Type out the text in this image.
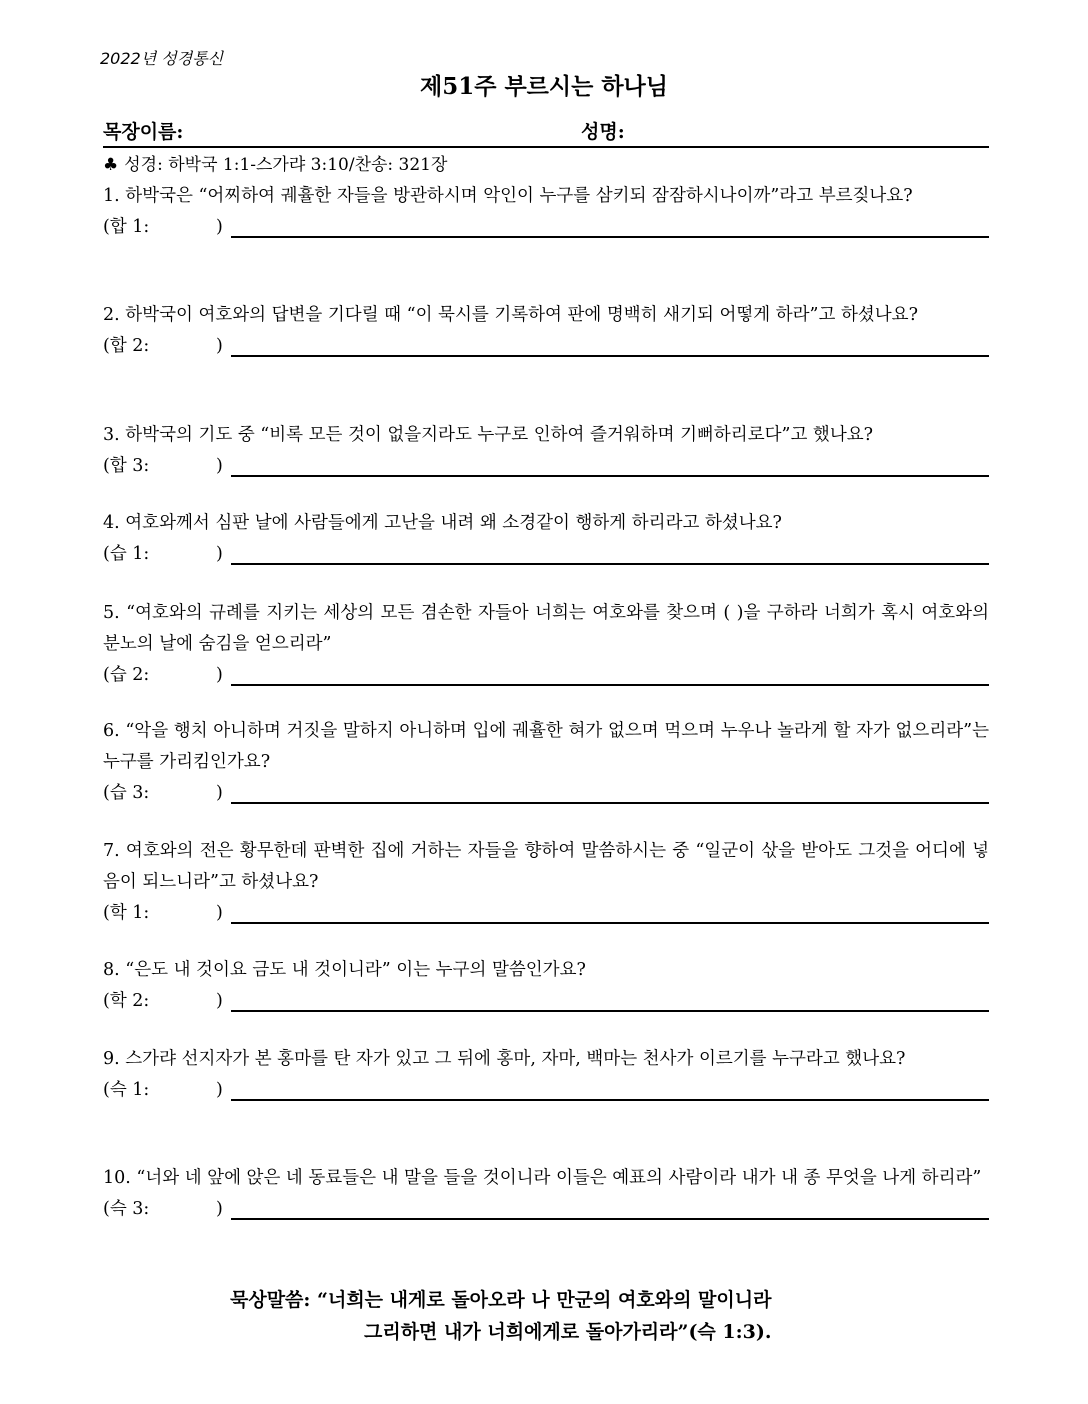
2022년 성경통신
제51주 부르시는 하나님
목장이름:	성명:
♣ 성경: 하박국 1:1-스가랴 3:10/찬송: 321장
1. 하박국은 “어찌하여 궤휼한 자들을 방관하시며 악인이 누구를 삼키되 잠잠하시나이까”라고 부르짖나요?
(합 1:	)
2. 하박국이 여호와의 답변을 기다릴 때 “이 묵시를 기록하여 판에 명백히 새기되 어떻게 하라”고 하셨나요?
(합 2:	)
3. 하박국의 기도 중 “비록 모든 것이 없을지라도 누구로 인하여 즐거워하며 기뻐하리로다”고 했나요?
(합 3:	)
4. 여호와께서 심판 날에 사람들에게 고난을 내려 왜 소경같이 행하게 하리라고 하셨나요?
(습 1:	)
5. “여호와의 규례를 지키는 세상의 모든 겸손한 자들아 너희는 여호와를 찾으며 ( )을 구하라 너희가 혹시 여호와의 분노의 날에 숨김을 얻으리라”
(습 2:	)
6. “악을 행치 아니하며 거짓을 말하지 아니하며 입에 궤휼한 혀가 없으며 먹으며 누우나 놀라게 할 자가 없으리라”는 누구를 가리킴인가요?
(습 3:	)
7. 여호와의 전은 황무한데 판벽한 집에 거하는 자들을 향하여 말씀하시는 중 “일군이 삯을 받아도 그것을 어디에 넣음이 되느니라”고 하셨나요?
(학 1:	)
8. “은도 내 것이요 금도 내 것이니라” 이는 누구의 말씀인가요?
(학 2:	)
9. 스가랴 선지자가 본 홍마를 탄 자가 있고 그 뒤에 홍마, 자마, 백마는 천사가 이르기를 누구라고 했나요?
(슥 1:	)
10. “너와 네 앞에 앉은 네 동료들은 내 말을 들을 것이니라 이들은 예표의 사람이라 내가 내 종 무엇을 나게 하리라”
(슥 3:	)
묵상말씀: “너희는 내게로 돌아오라 나 만군의 여호와의 말이니라
그리하면 내가 너희에게로 돌아가리라”(슥 1:3).
